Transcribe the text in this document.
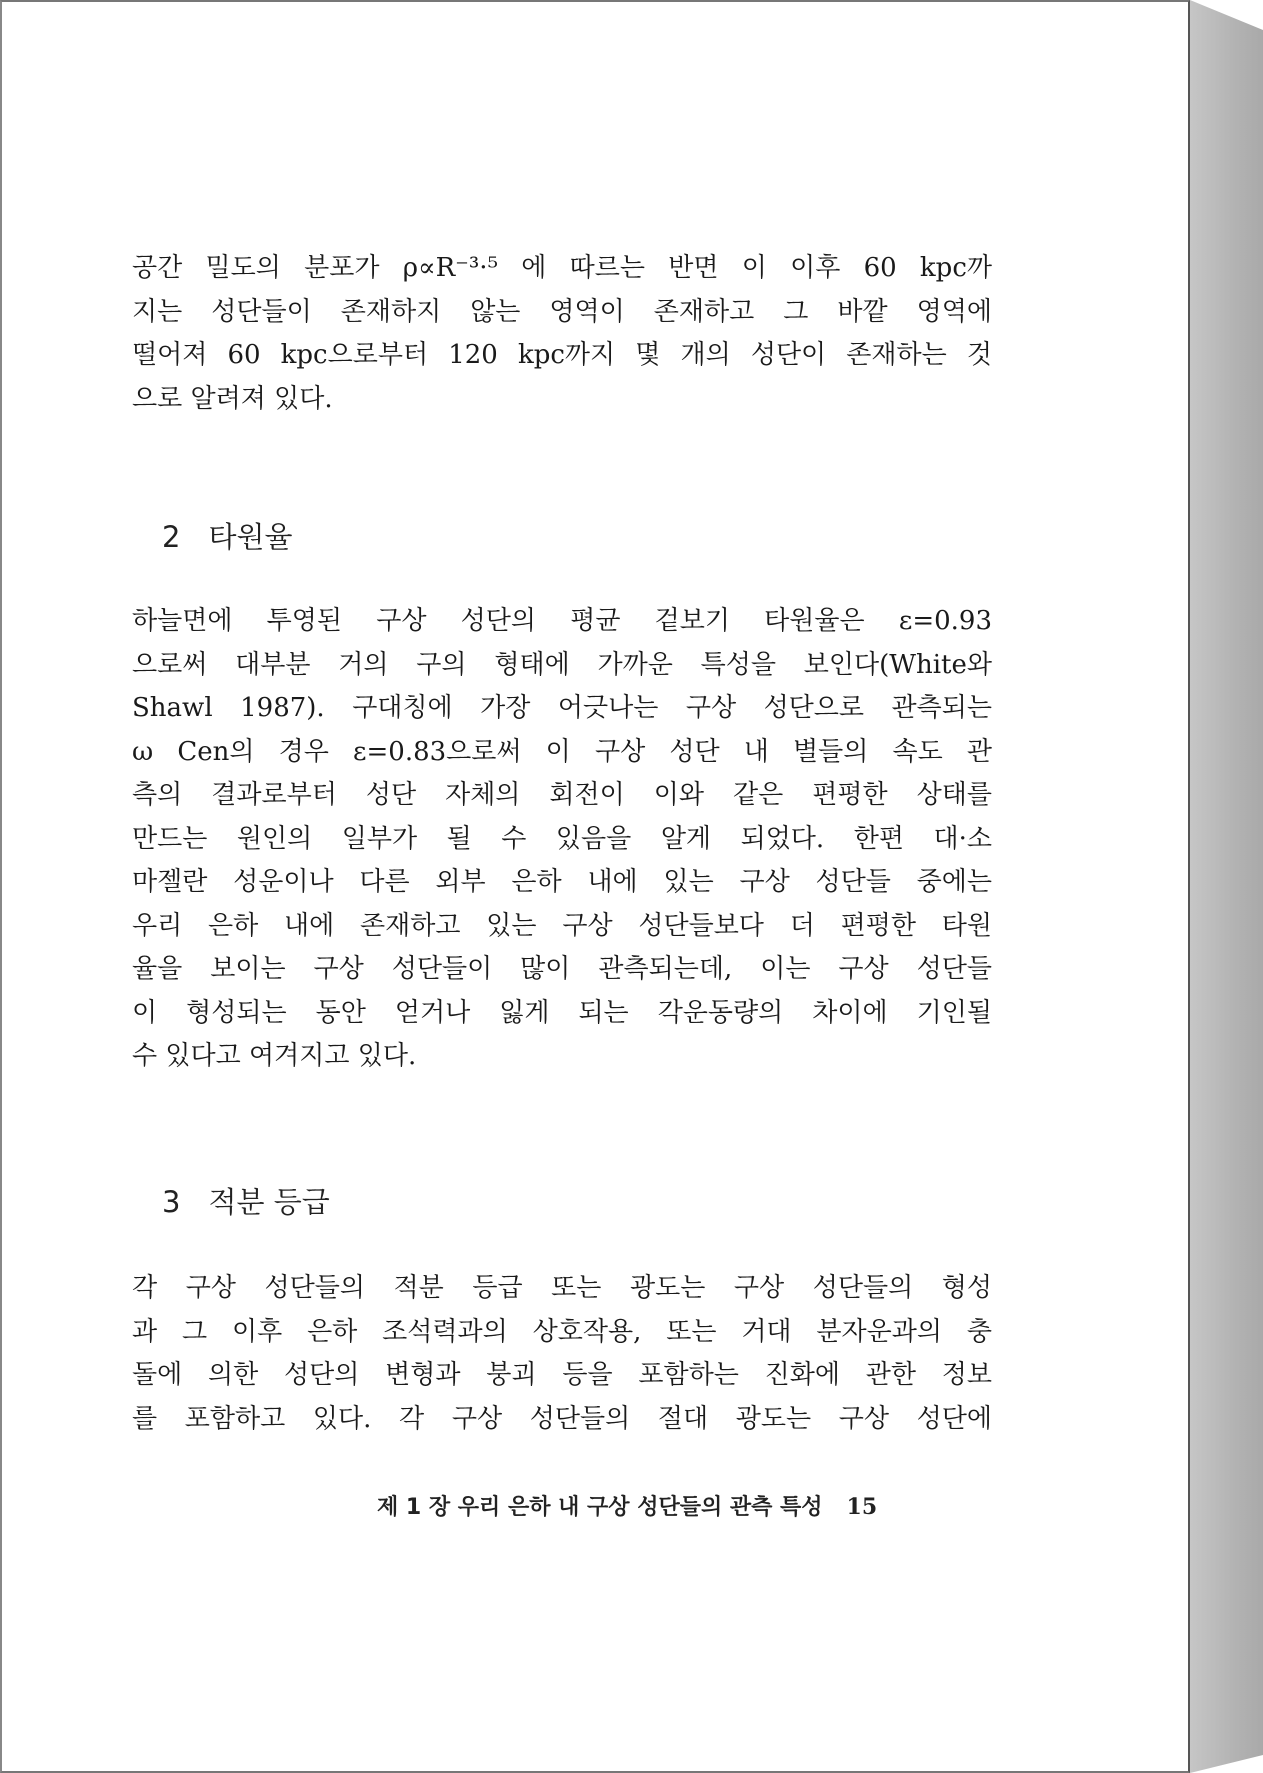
공간 밀도의 분포가 ρ∝R⁻³·⁵ 에 따르는 반면 이 이후 60 kpc까
지는 성단들이 존재하지 않는 영역이 존재하고 그 바깥 영역에
떨어져 60 kpc으로부터 120 kpc까지 몇 개의 성단이 존재하는 것
으로 알려져 있다.
2 타원율
하늘면에 투영된 구상 성단의 평균 겉보기 타원율은 ε=0.93
으로써 대부분 거의 구의 형태에 가까운 특성을 보인다(White와
Shawl 1987). 구대칭에 가장 어긋나는 구상 성단으로 관측되는
ω Cen의 경우 ε=0.83으로써 이 구상 성단 내 별들의 속도 관
측의 결과로부터 성단 자체의 회전이 이와 같은 편평한 상태를
만드는 원인의 일부가 될 수 있음을 알게 되었다. 한편 대·소
마젤란 성운이나 다른 외부 은하 내에 있는 구상 성단들 중에는
우리 은하 내에 존재하고 있는 구상 성단들보다 더 편평한 타원
율을 보이는 구상 성단들이 많이 관측되는데, 이는 구상 성단들
이 형성되는 동안 얻거나 잃게 되는 각운동량의 차이에 기인될
수 있다고 여겨지고 있다.
3 적분 등급
각 구상 성단들의 적분 등급 또는 광도는 구상 성단들의 형성
과 그 이후 은하 조석력과의 상호작용, 또는 거대 분자운과의 충
돌에 의한 성단의 변형과 붕괴 등을 포함하는 진화에 관한 정보
를 포함하고 있다. 각 구상 성단들의 절대 광도는 구상 성단에
제 1 장 우리 은하 내 구상 성단들의 관측 특성 15
